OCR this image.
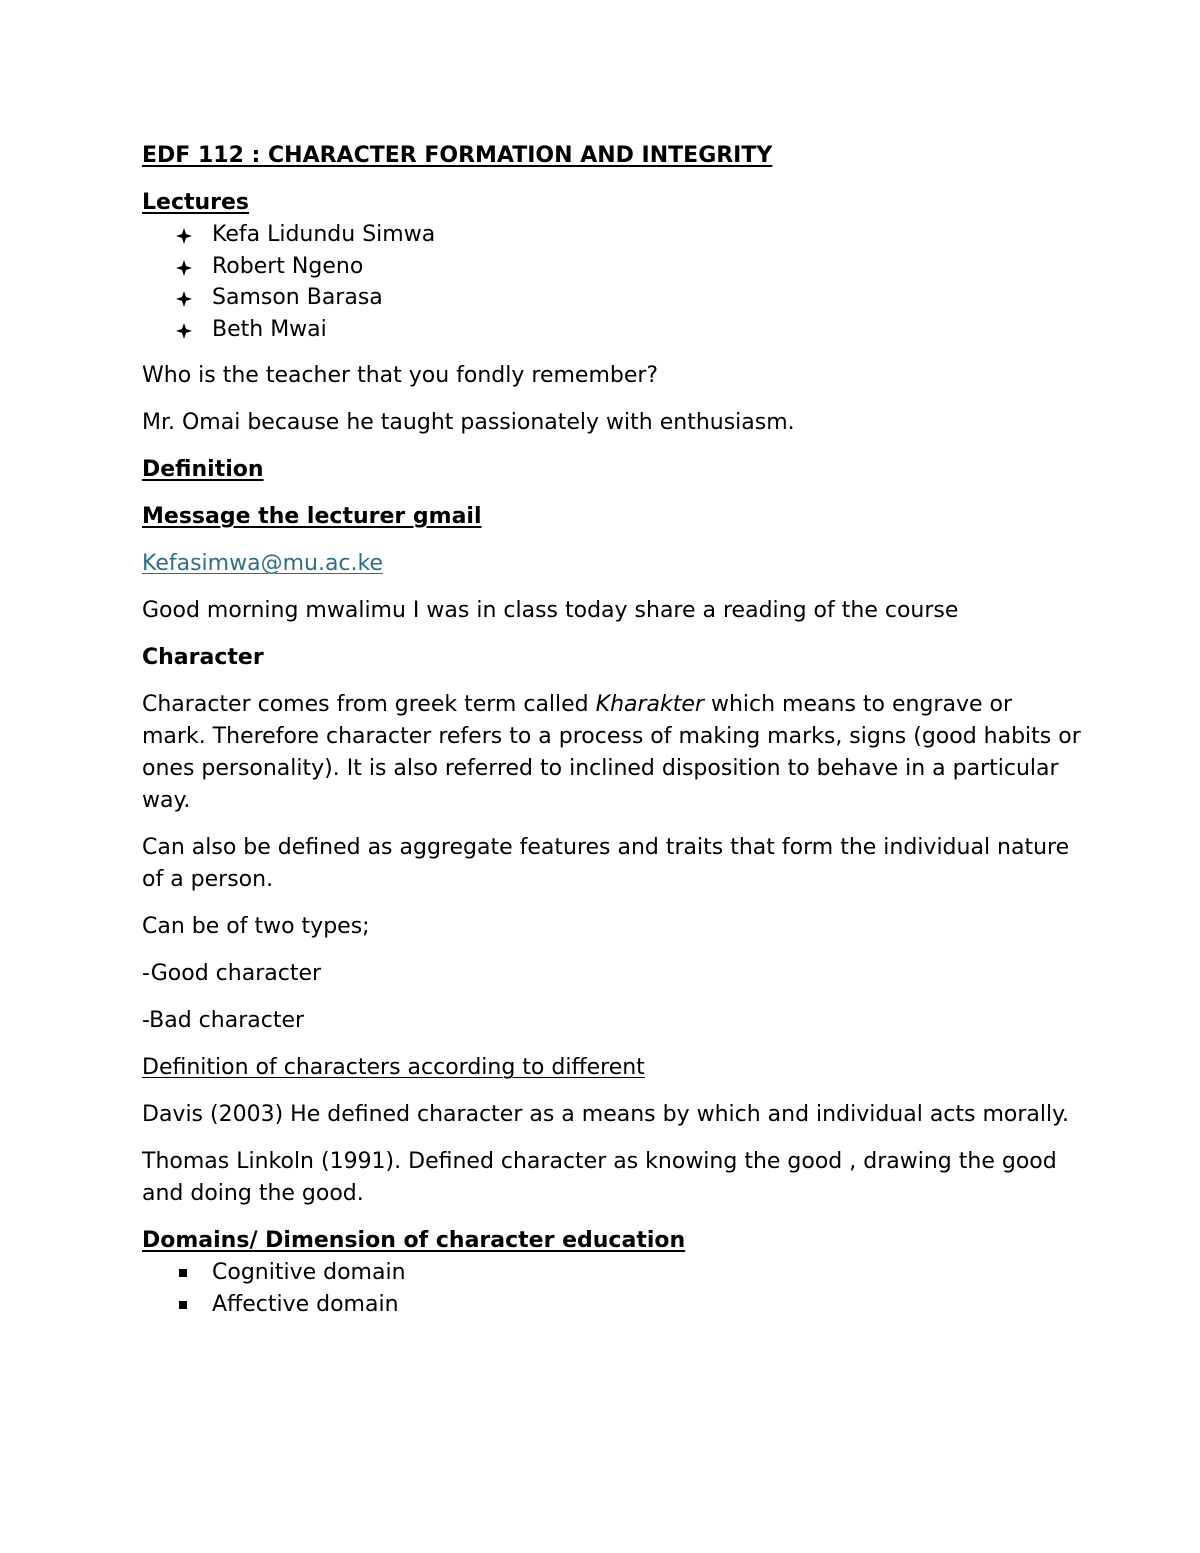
EDF 112 : CHARACTER FORMATION AND INTEGRITY

Lectures

Kefa Lidundu Simwa
Robert Ngeno
Samson Barasa
Beth Mwai

Who is the teacher that you fondly remember?

Mr. Omai because he taught passionately with enthusiasm.

Definition

Message the lecturer gmail

Kefasimwa@mu.ac.ke

Good morning mwalimu I was in class today share a reading of the course

Character

Character comes from greek term called Kharakter which means to engrave or mark. Therefore character refers to a process of making marks, signs (good habits or ones personality). It is also referred to inclined disposition to behave in a particular way.

Can also be defined as aggregate features and traits that form the individual nature of a person.

Can be of two types;

-Good character

-Bad character

Definition of characters according to different

Davis (2003) He defined character as a means by which and individual acts morally.

Thomas Linkoln (1991). Defined character as knowing the good , drawing the good and doing the good.

Domains/ Dimension of character education

Cognitive domain
Affective domain
